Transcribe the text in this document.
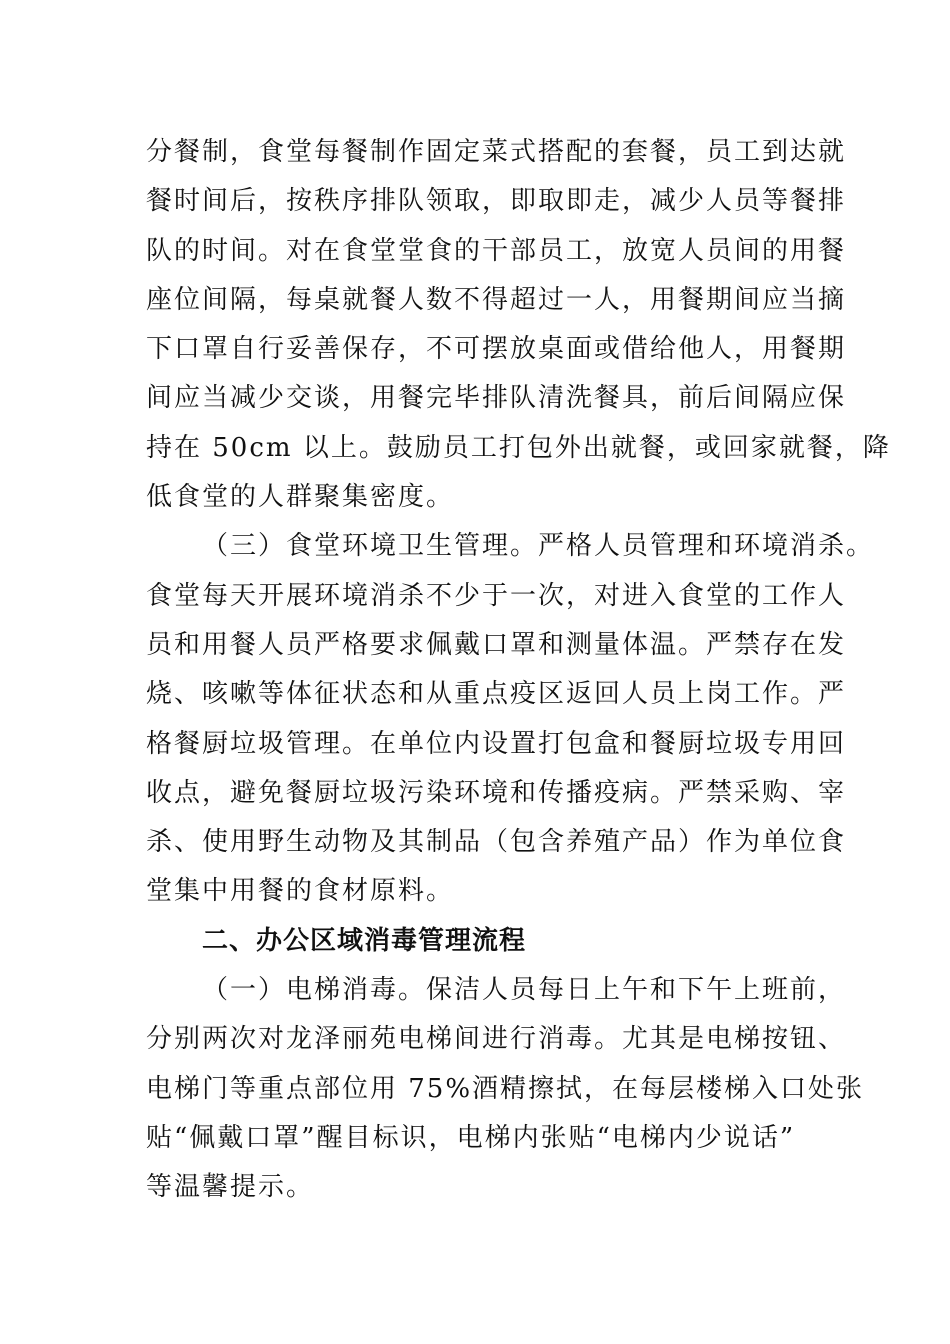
分餐制，食堂每餐制作固定菜式搭配的套餐，员工到达就
餐时间后，按秩序排队领取，即取即走，减少人员等餐排
队的时间。对在食堂堂食的干部员工，放宽人员间的用餐
座位间隔，每桌就餐人数不得超过一人，用餐期间应当摘
下口罩自行妥善保存，不可摆放桌面或借给他人，用餐期
间应当减少交谈，用餐完毕排队清洗餐具，前后间隔应保
持在 50cm 以上。鼓励员工打包外出就餐，或回家就餐，降
低食堂的人群聚集密度。
（三）食堂环境卫生管理。严格人员管理和环境消杀。
食堂每天开展环境消杀不少于一次，对进入食堂的工作人
员和用餐人员严格要求佩戴口罩和测量体温。严禁存在发
烧、咳嗽等体征状态和从重点疫区返回人员上岗工作。严
格餐厨垃圾管理。在单位内设置打包盒和餐厨垃圾专用回
收点，避免餐厨垃圾污染环境和传播疫病。严禁采购、宰
杀、使用野生动物及其制品（包含养殖产品）作为单位食
堂集中用餐的食材原料。
二、办公区域消毒管理流程
（一）电梯消毒。保洁人员每日上午和下午上班前，
分别两次对龙泽丽苑电梯间进行消毒。尤其是电梯按钮、
电梯门等重点部位用 75%酒精擦拭，在每层楼梯入口处张
贴“佩戴口罩”醒目标识，电梯内张贴“电梯内少说话”
等温馨提示。
